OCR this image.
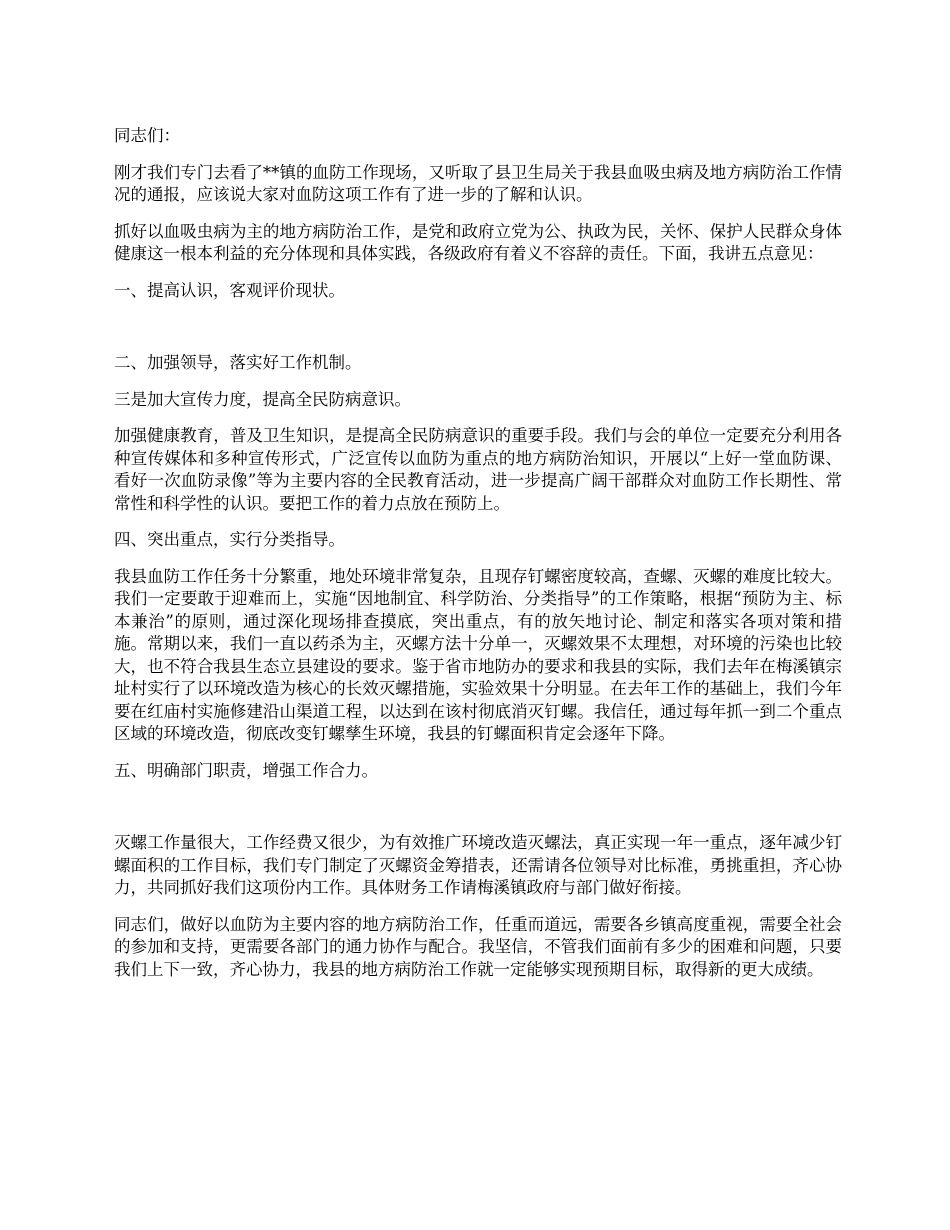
同志们：

刚才我们专门去看了**镇的血防工作现场，又听取了县卫生局关于我县血吸虫病及地方病防治工作情况的通报，应该说大家对血防这项工作有了进一步的了解和认识。

抓好以血吸虫病为主的地方病防治工作，是党和政府立党为公、执政为民，关怀、保护人民群众身体健康这一根本利益的充分体现和具体实践，各级政府有着义不容辞的责任。下面，我讲五点意见：

一、提高认识，客观评价现状。

二、加强领导，落实好工作机制。

三是加大宣传力度，提高全民防病意识。

加强健康教育，普及卫生知识，是提高全民防病意识的重要手段。我们与会的单位一定要充分利用各种宣传媒体和多种宣传形式，广泛宣传以血防为重点的地方病防治知识，开展以“上好一堂血防课、看好一次血防录像”等为主要内容的全民教育活动，进一步提高广阔干部群众对血防工作长期性、常常性和科学性的认识。要把工作的着力点放在预防上。

四、突出重点，实行分类指导。

我县血防工作任务十分繁重，地处环境非常复杂，且现存钉螺密度较高，查螺、灭螺的难度比较大。我们一定要敢于迎难而上，实施“因地制宜、科学防治、分类指导”的工作策略，根据“预防为主、标本兼治”的原则，通过深化现场排查摸底，突出重点，有的放矢地讨论、制定和落实各项对策和措施。常期以来，我们一直以药杀为主，灭螺方法十分单一，灭螺效果不太理想，对环境的污染也比较大，也不符合我县生态立县建设的要求。鉴于省市地防办的要求和我县的实际，我们去年在梅溪镇宗址村实行了以环境改造为核心的长效灭螺措施，实验效果十分明显。在去年工作的基础上，我们今年要在红庙村实施修建沿山渠道工程，以达到在该村彻底消灭钉螺。我信任，通过每年抓一到二个重点区域的环境改造，彻底改变钉螺孳生环境，我县的钉螺面积肯定会逐年下降。

五、明确部门职责，增强工作合力。

灭螺工作量很大，工作经费又很少，为有效推广环境改造灭螺法，真正实现一年一重点，逐年减少钉螺面积的工作目标，我们专门制定了灭螺资金筹措表，还需请各位领导对比标准，勇挑重担，齐心协力，共同抓好我们这项份内工作。具体财务工作请梅溪镇政府与部门做好衔接。

同志们，做好以血防为主要内容的地方病防治工作，任重而道远，需要各乡镇高度重视，需要全社会的参加和支持，更需要各部门的通力协作与配合。我坚信，不管我们面前有多少的困难和问题，只要我们上下一致，齐心协力，我县的地方病防治工作就一定能够实现预期目标，取得新的更大成绩。
